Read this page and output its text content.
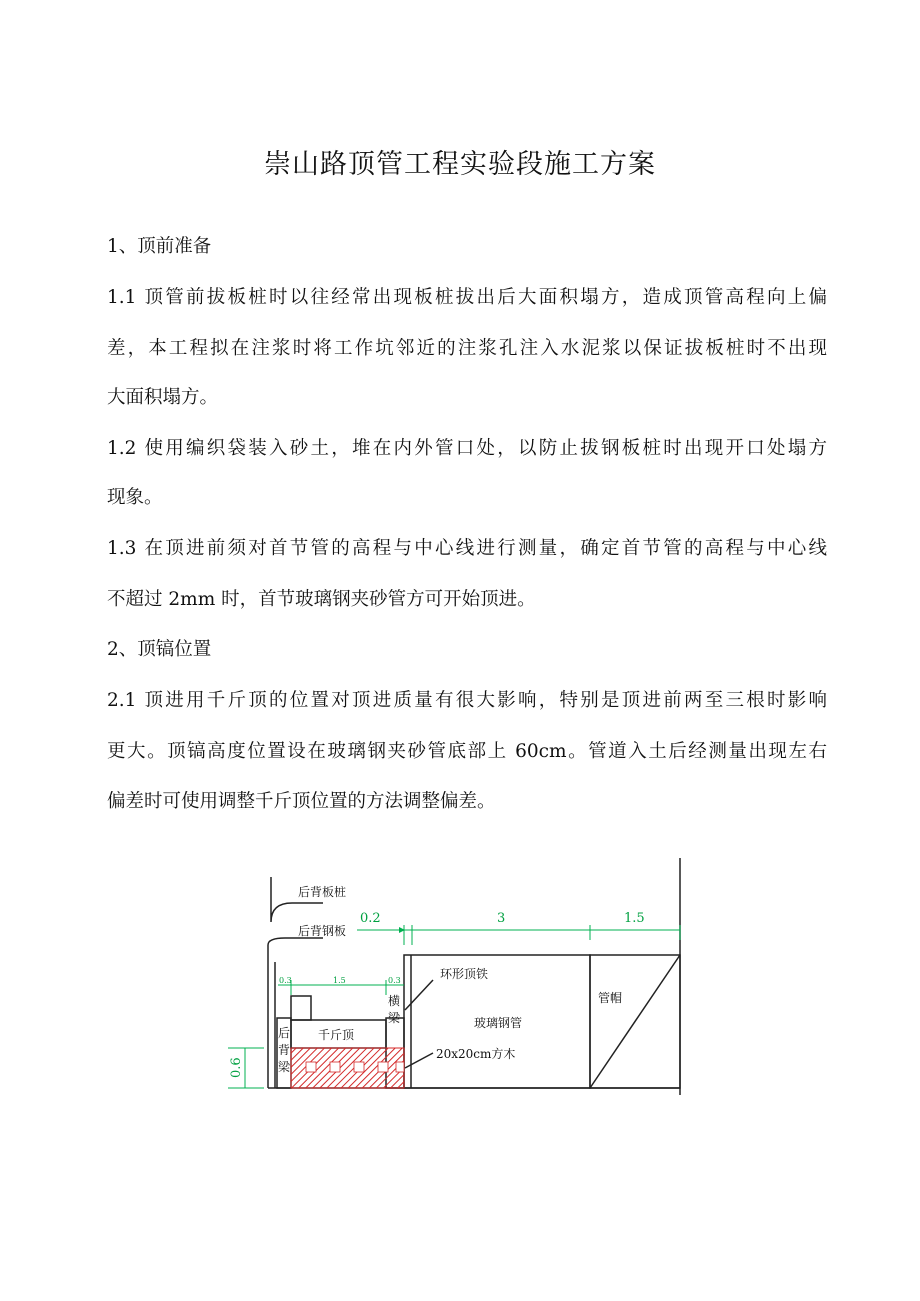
崇山路顶管工程实验段施工方案
1、顶前准备
1.1 顶管前拔板桩时以往经常出现板桩拔出后大面积塌方，造成顶管高程向上偏
差，本工程拟在注浆时将工作坑邻近的注浆孔注入水泥浆以保证拔板桩时不出现
大面积塌方。
1.2 使用编织袋装入砂土，堆在内外管口处，以防止拔钢板桩时出现开口处塌方
现象。
1.3 在顶进前须对首节管的高程与中心线进行测量，确定首节管的高程与中心线
不超过 2mm 时，首节玻璃钢夹砂管方可开始顶进。
2、顶镐位置
2.1 顶进用千斤顶的位置对顶进质量有很大影响，特别是顶进前两至三根时影响
更大。顶镐高度位置设在玻璃钢夹砂管底部上 60cm。管道入土后经测量出现左右
偏差时可使用调整千斤顶位置的方法调整偏差。
0.2	3	1.5
0.3	1.5	0.3
0.6
后背板桩
后背钢板
环形顶铁
横
梁
千斤顶
玻璃钢管
管帽
后
背
梁
20x20cm方木
